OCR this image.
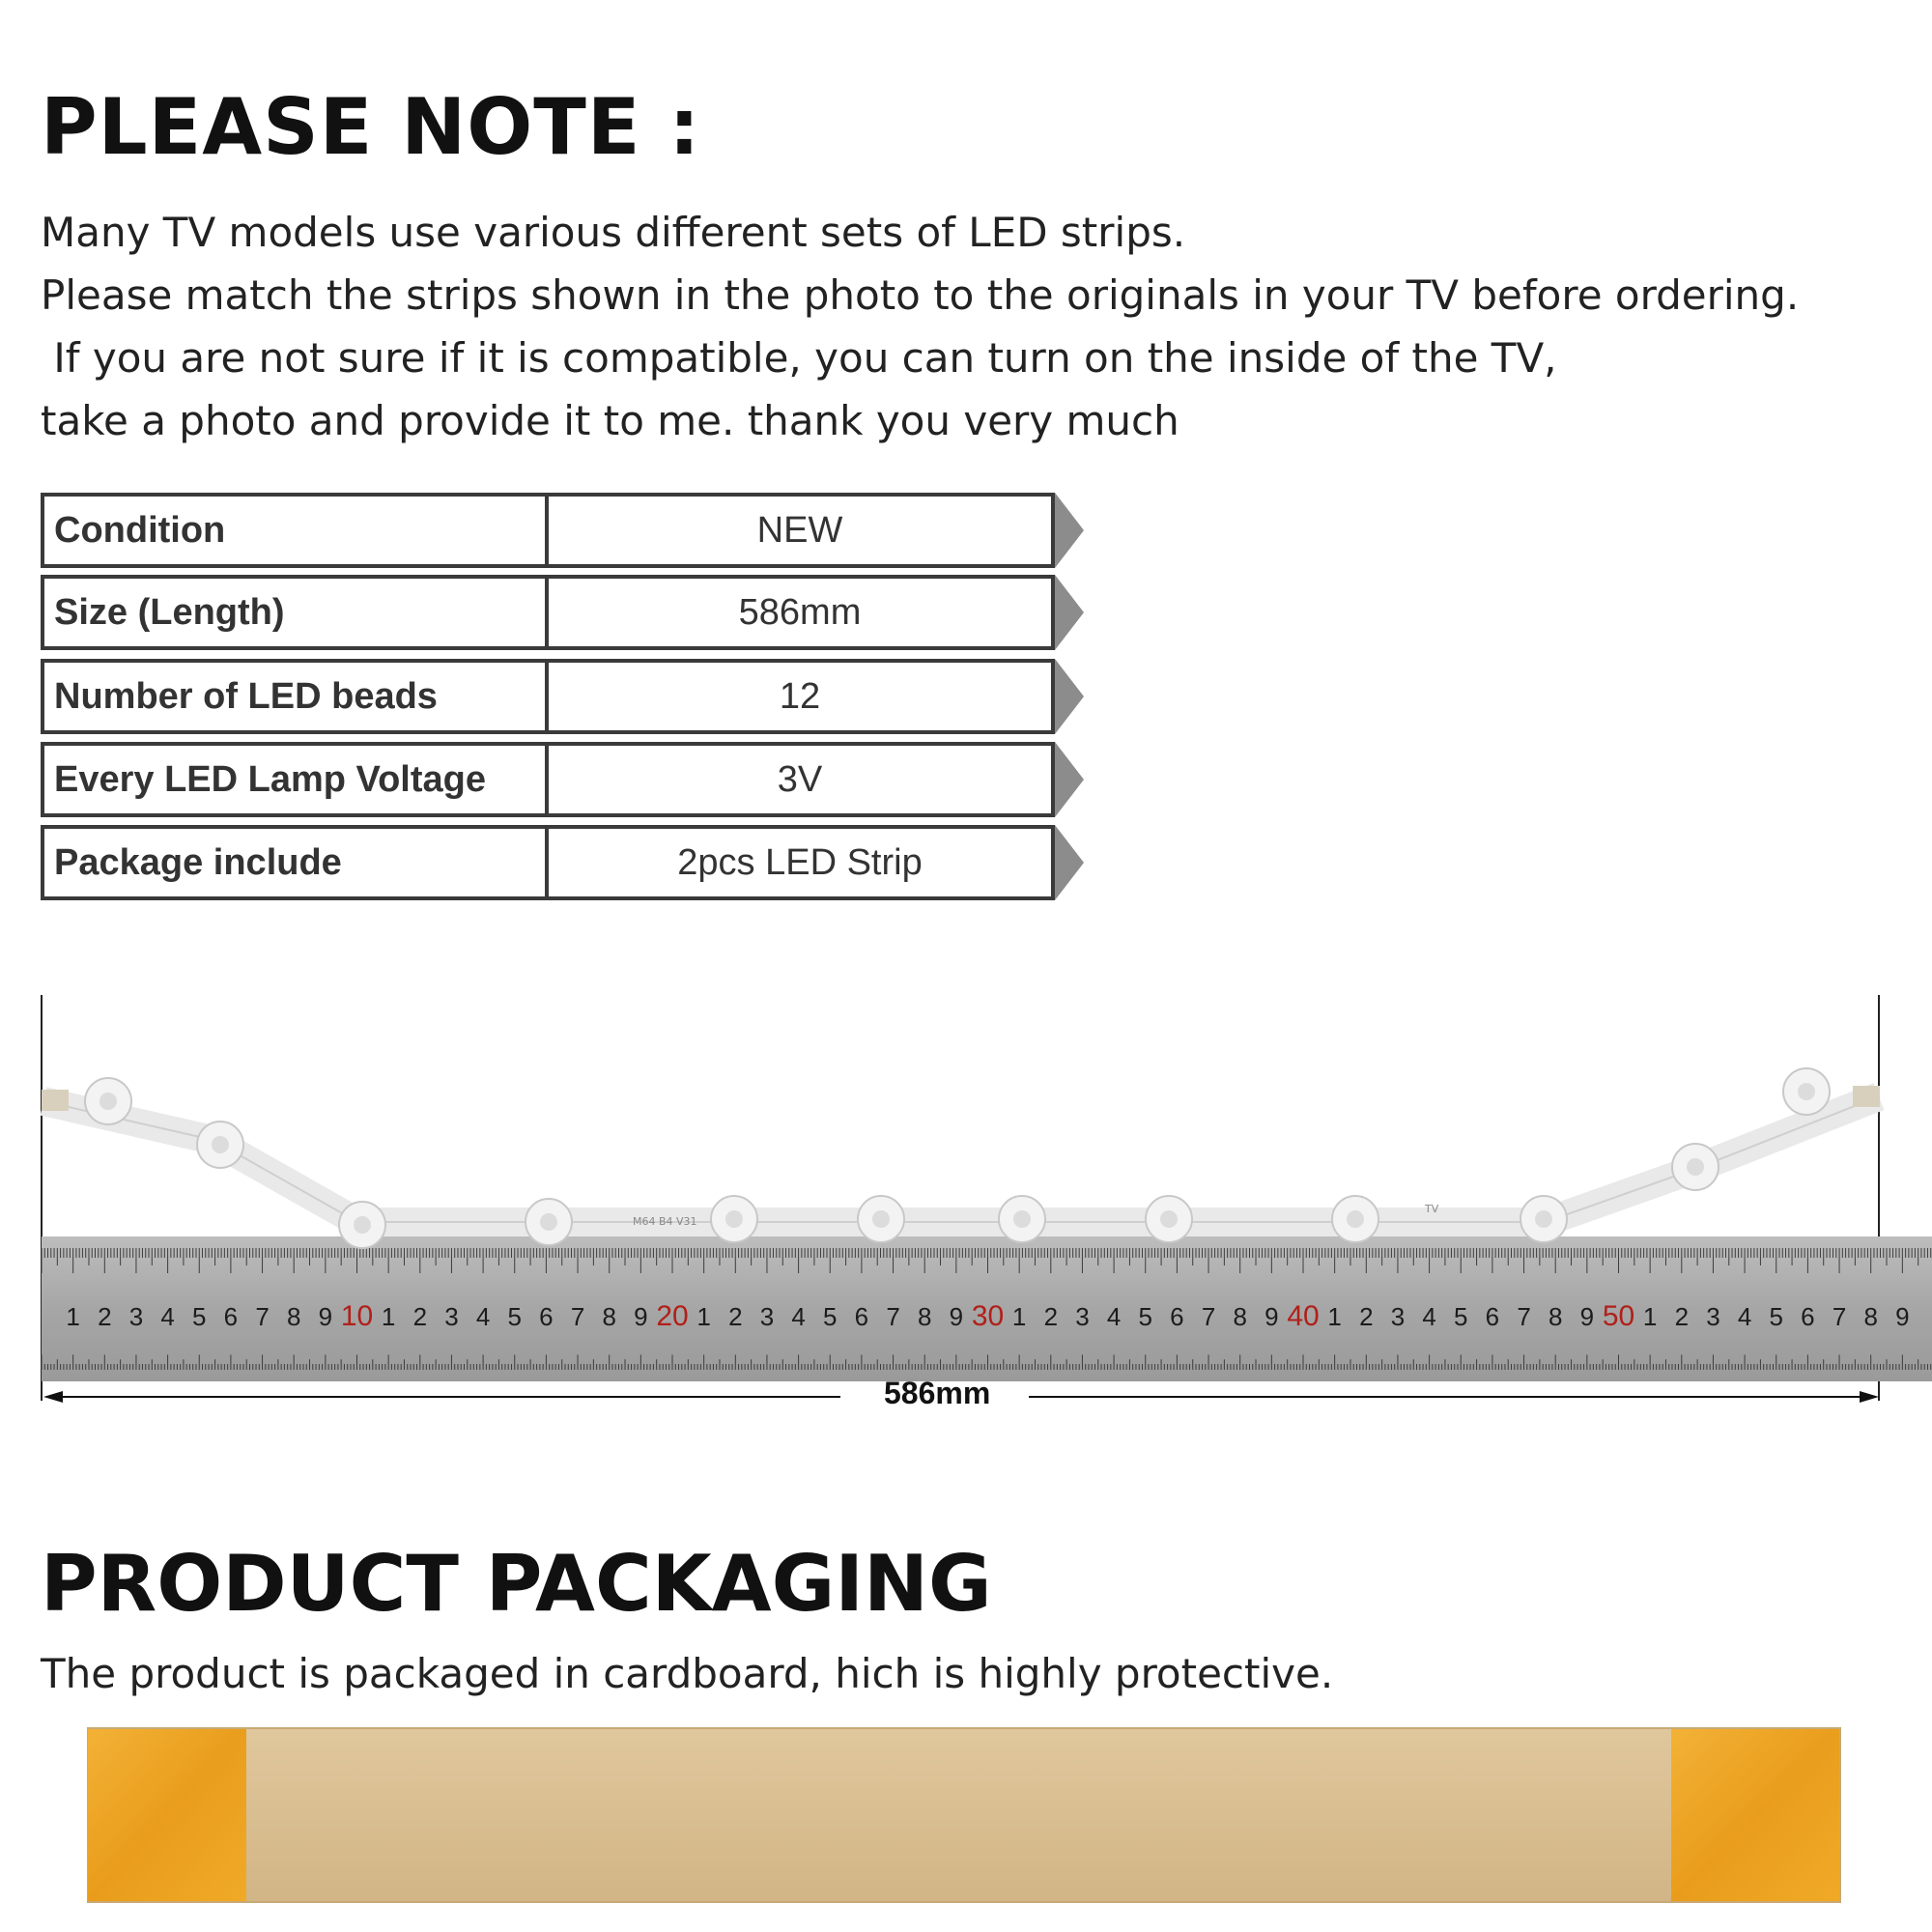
PLEASE NOTE :

Many TV models use various different sets of LED strips.

Please match the strips shown in the photo to the originals in your TV before ordering.

If you are not sure if it is compatible, you can turn on the inside of the TV,

take a photo and provide it to me. thank you very much

Condition	NEW
Size (Length)	586mm
Number of LED beads	12
Every LED Lamp Voltage	3V
Package include	2pcs LED Strip
1 2 3 4 5 6 7 8 9 10 1 2 3 4 5 6 7 8 9 20 1 2 3 4 5 6 7 8 9 30 1 2 3 4 5 6 7 8 9 40 1 2 3 4 5 6 7 8 9 50 1 2 3 4 5 6 7 8 9
M64 B4 V31
TV
586mm
PRODUCT PACKAGING

The product is packaged in cardboard, hich is highly protective.
